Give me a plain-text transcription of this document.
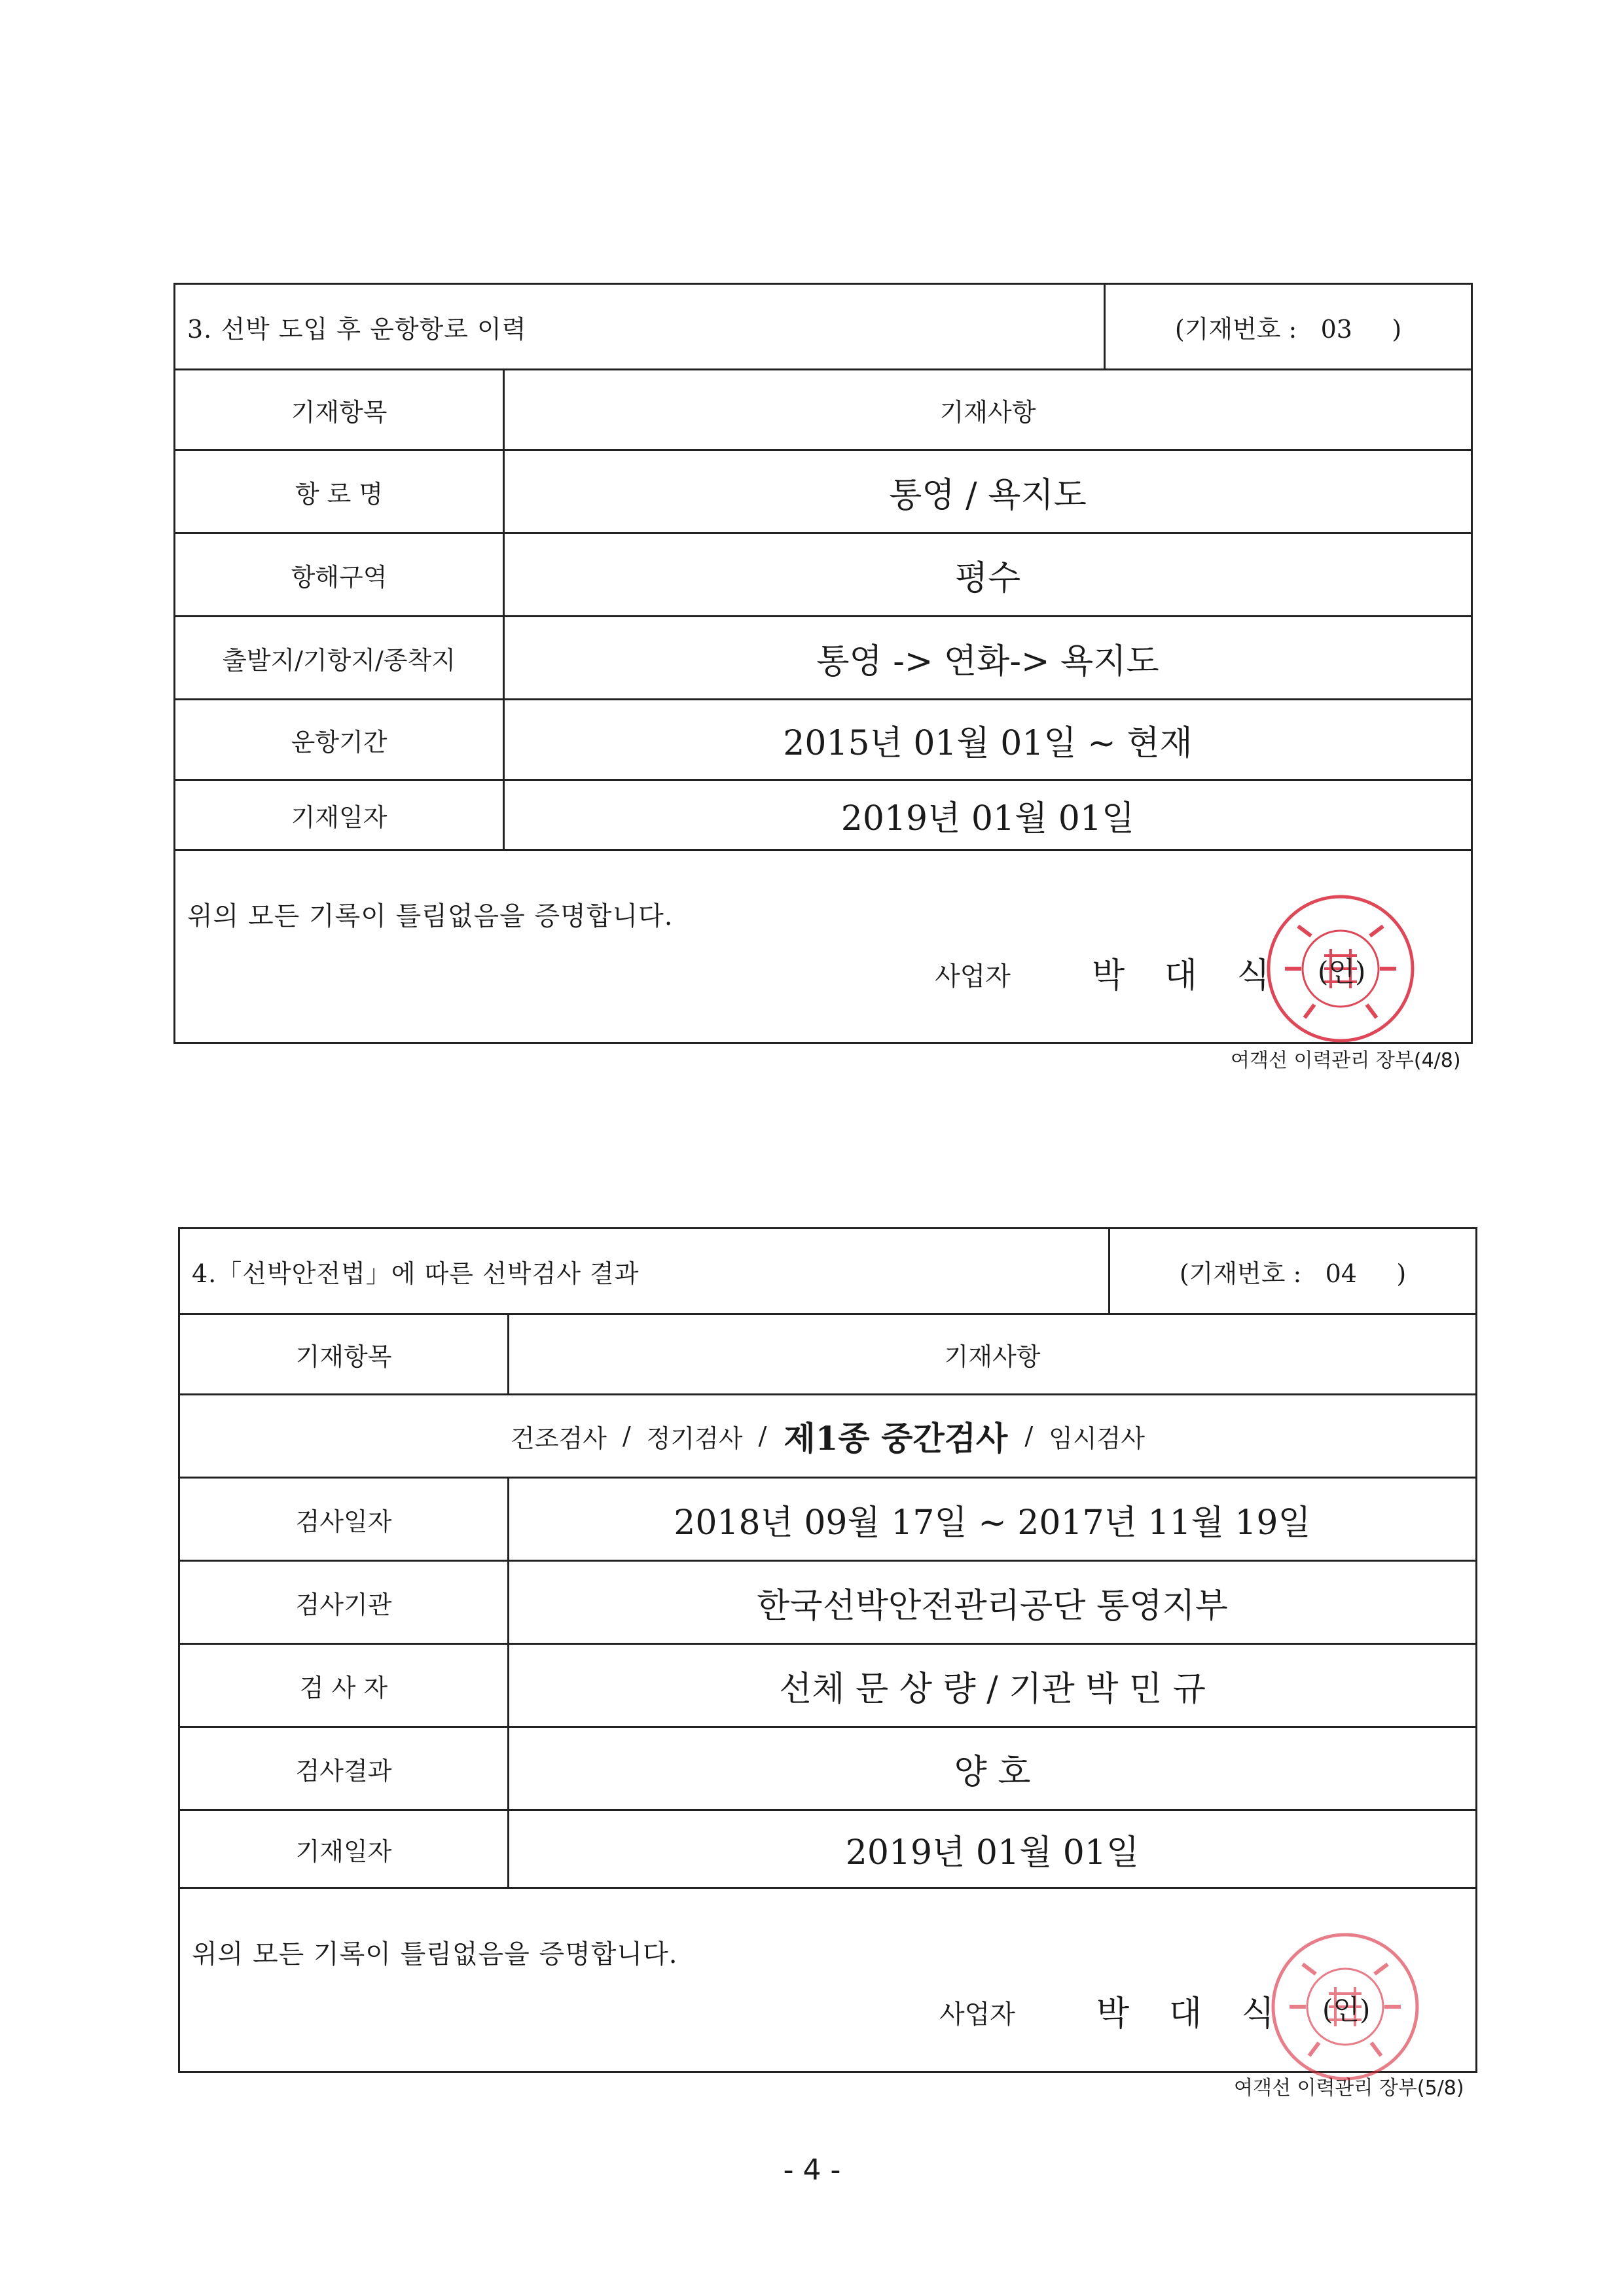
3. 선박 도입 후 운항항로 이력	(기재번호 :   03     )
기재항목	기재사항
항 로 명	통영 / 욕지도
항해구역	평수
출발지/기항지/종착지	통영 -> 연화-> 욕지도
운항기간	2015년 01월 01일 ~ 현재
기재일자	2019년 01월 01일
위의 모든 기록이 틀림없음을 증명합니다.
사업자 박 대 식 (인)
여객선 이력관리 장부(4/8)
4.「선박안전법」에 따른 선박검사 결과	(기재번호 :   04     )
기재항목	기재사항
건조검사 / 정기검사 / 제1종 중간검사 / 임시검사
검사일자	2018년 09월 17일 ~ 2017년 11월 19일
검사기관	한국선박안전관리공단 통영지부
검 사 자	선체 문 상 량 / 기관 박 민 규
검사결과	양 호
기재일자	2019년 01월 01일
위의 모든 기록이 틀림없음을 증명합니다.
사업자 박 대 식 (인)
여객선 이력관리 장부(5/8)
- 4 -
